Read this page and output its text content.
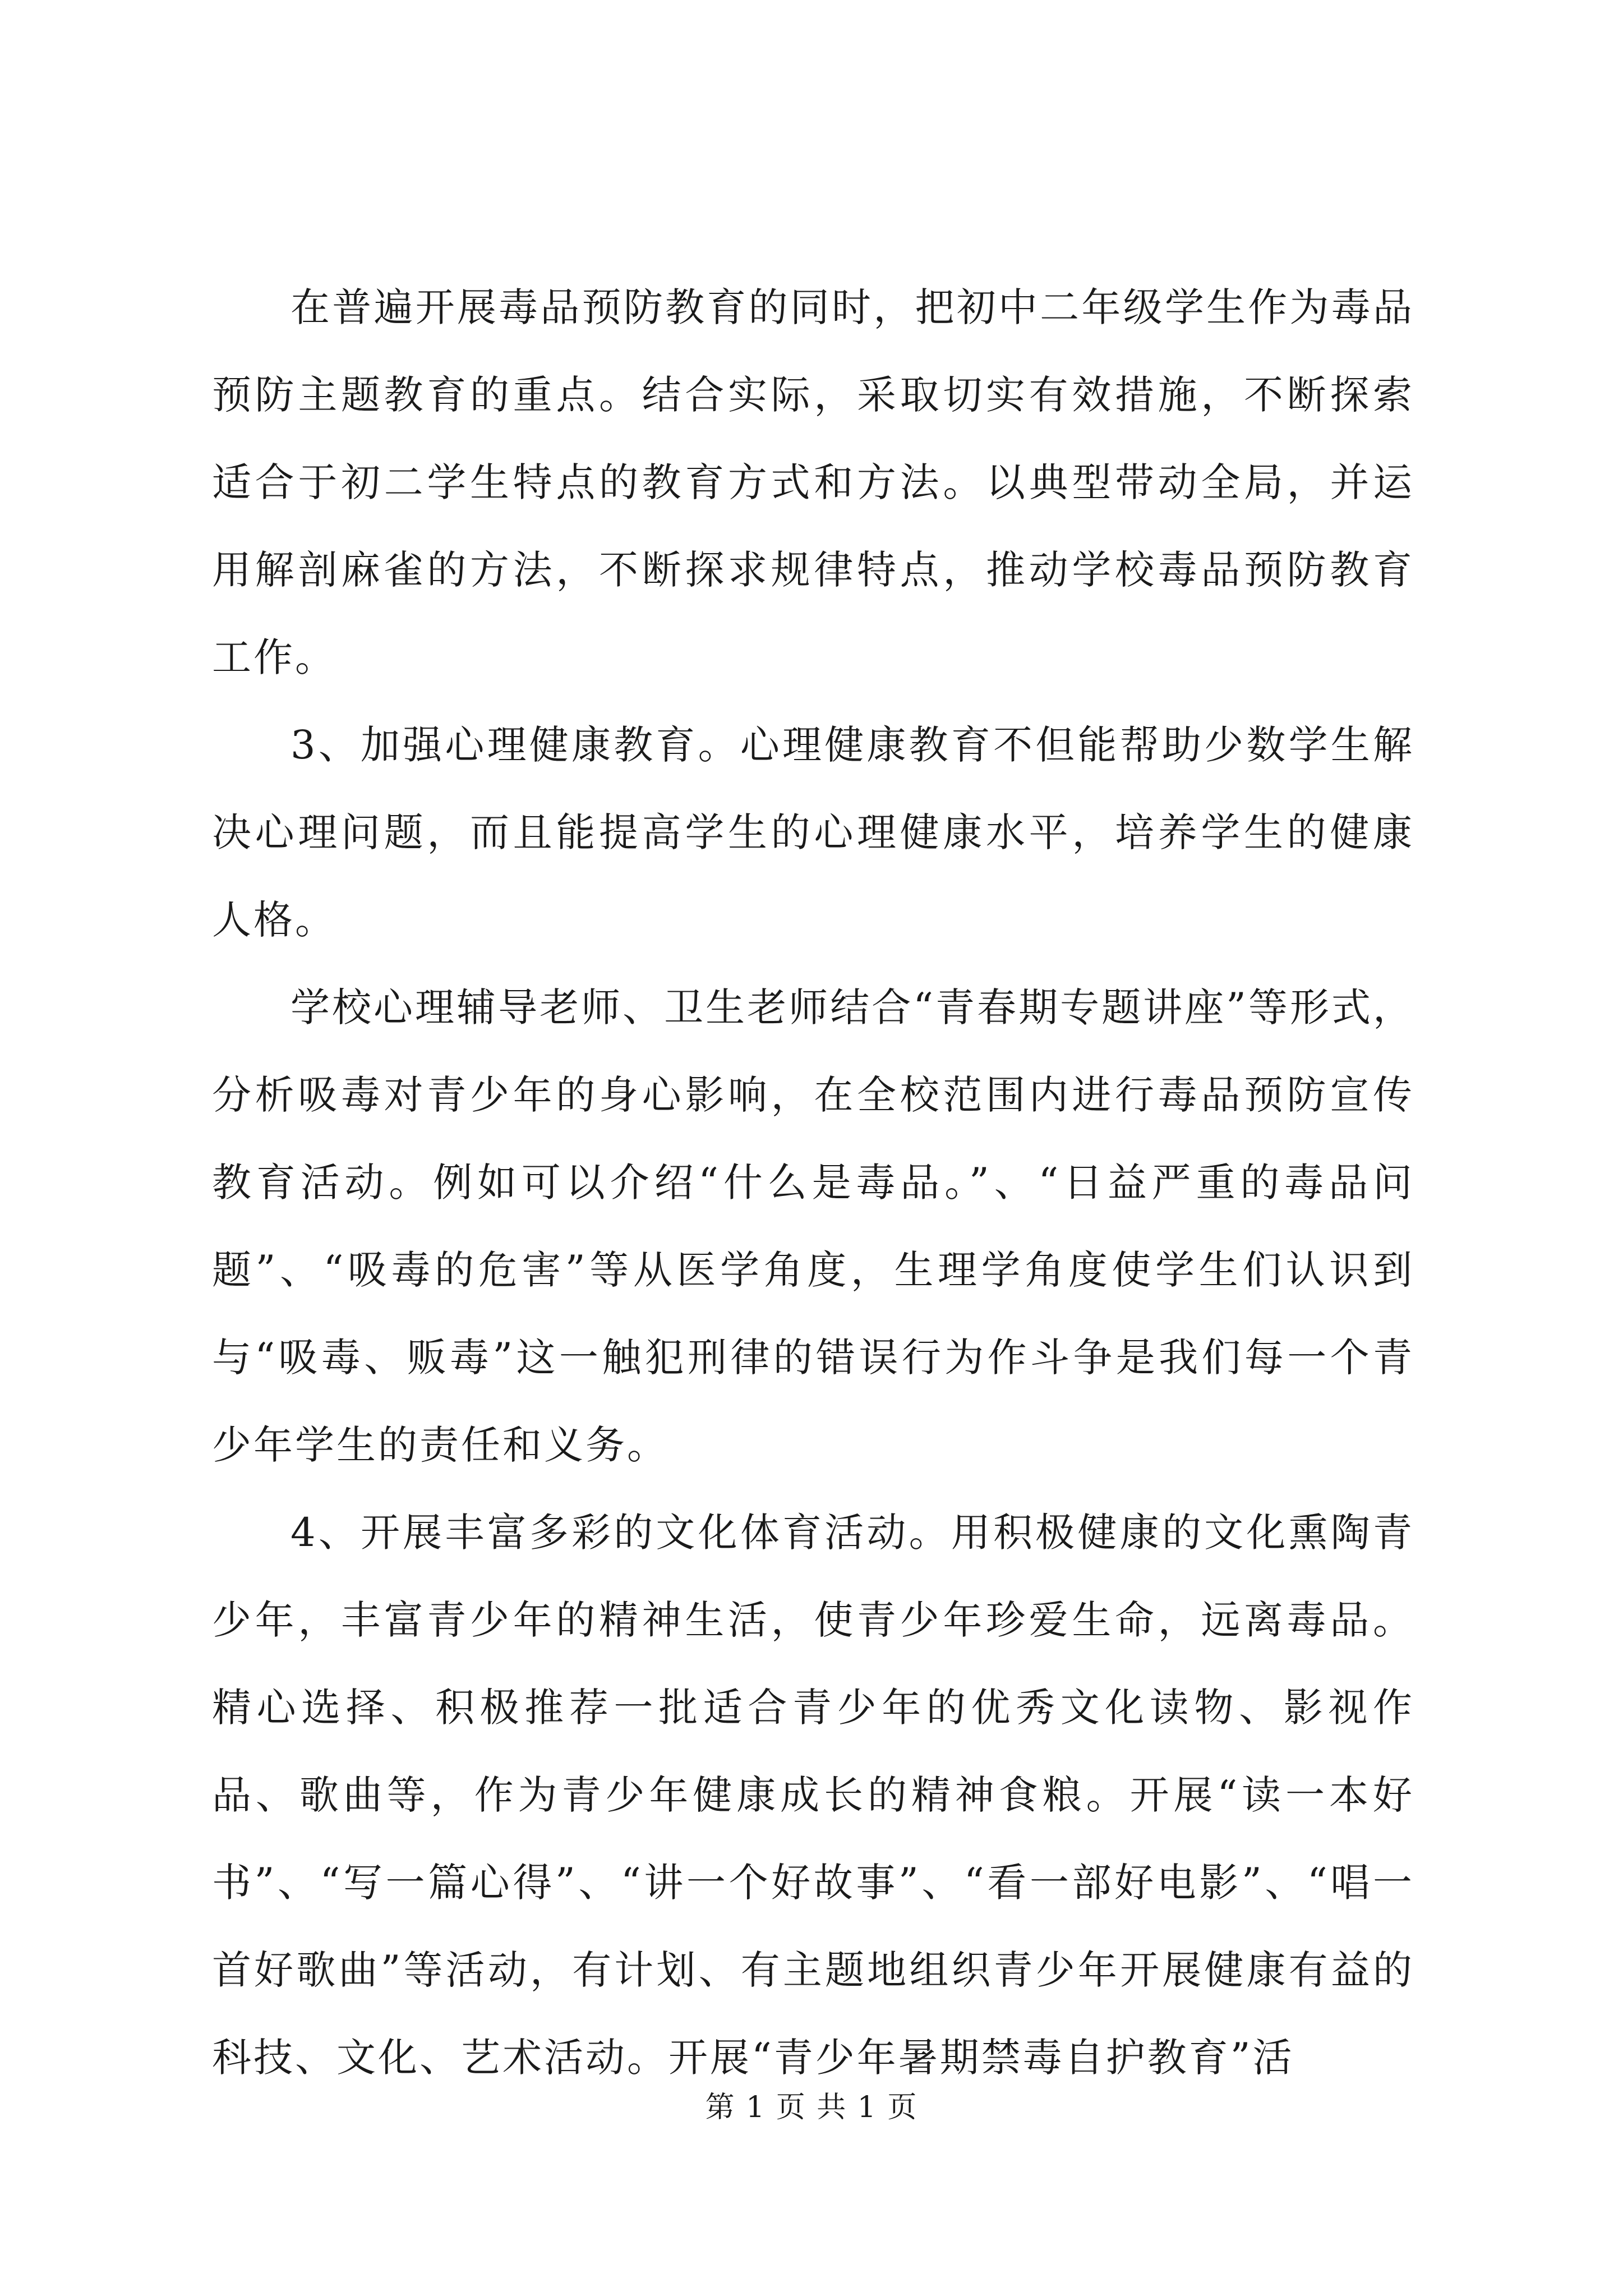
在普遍开展毒品预防教育的同时，把初中二年级学生作为毒品预防主题教育的重点。结合实际，采取切实有效措施，不断探索适合于初二学生特点的教育方式和方法。以典型带动全局，并运用解剖麻雀的方法，不断探求规律特点，推动学校毒品预防教育工作。

3、加强心理健康教育。心理健康教育不但能帮助少数学生解决心理问题，而且能提高学生的心理健康水平，培养学生的健康人格。

学校心理辅导老师、卫生老师结合“青春期专题讲座”等形式，分析吸毒对青少年的身心影响，在全校范围内进行毒品预防宣传教育活动。例如可以介绍“什么是毒品。”、“日益严重的毒品问题”、“吸毒的危害”等从医学角度，生理学角度使学生们认识到与“吸毒、贩毒”这一触犯刑律的错误行为作斗争是我们每一个青少年学生的责任和义务。

4、开展丰富多彩的文化体育活动。用积极健康的文化熏陶青少年，丰富青少年的精神生活，使青少年珍爱生命，远离毒品。精心选择、积极推荐一批适合青少年的优秀文化读物、影视作品、歌曲等，作为青少年健康成长的精神食粮。开展“读一本好书”、“写一篇心得”、“讲一个好故事”、“看一部好电影”、“唱一首好歌曲”等活动，有计划、有主题地组织青少年开展健康有益的科技、文化、艺术活动。开展“青少年暑期禁毒自护教育”活

第 1 页 共 1 页
